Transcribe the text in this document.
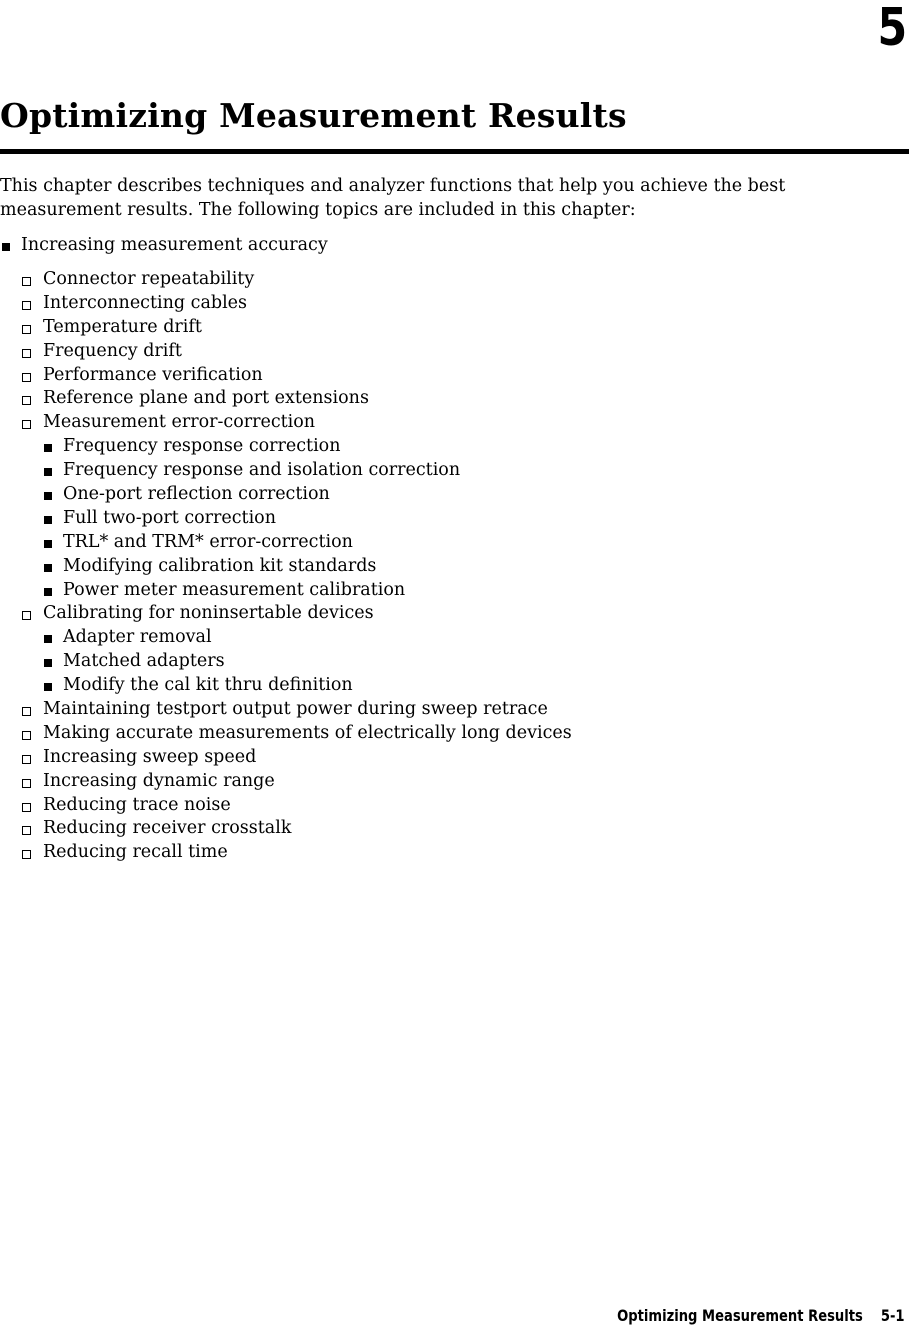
5
Optimizing Measurement Results

This chapter describes techniques and analyzer functions that help you achieve the best measurement results. The following topics are included in this chapter:

Increasing measurement accuracy
Connector repeatability
Interconnecting cables
Temperature drift
Frequency drift
Performance verification
Reference plane and port extensions
Measurement error-correction
Frequency response correction
Frequency response and isolation correction
One-port reflection correction
Full two-port correction
TRL* and TRM* error-correction
Modifying calibration kit standards
Power meter measurement calibration
Calibrating for noninsertable devices
Adapter removal
Matched adapters
Modify the cal kit thru definition
Maintaining testport output power during sweep retrace
Making accurate measurements of electrically long devices
Increasing sweep speed
Increasing dynamic range
Reducing trace noise
Reducing receiver crosstalk
Reducing recall time
Optimizing Measurement Results 5-1
